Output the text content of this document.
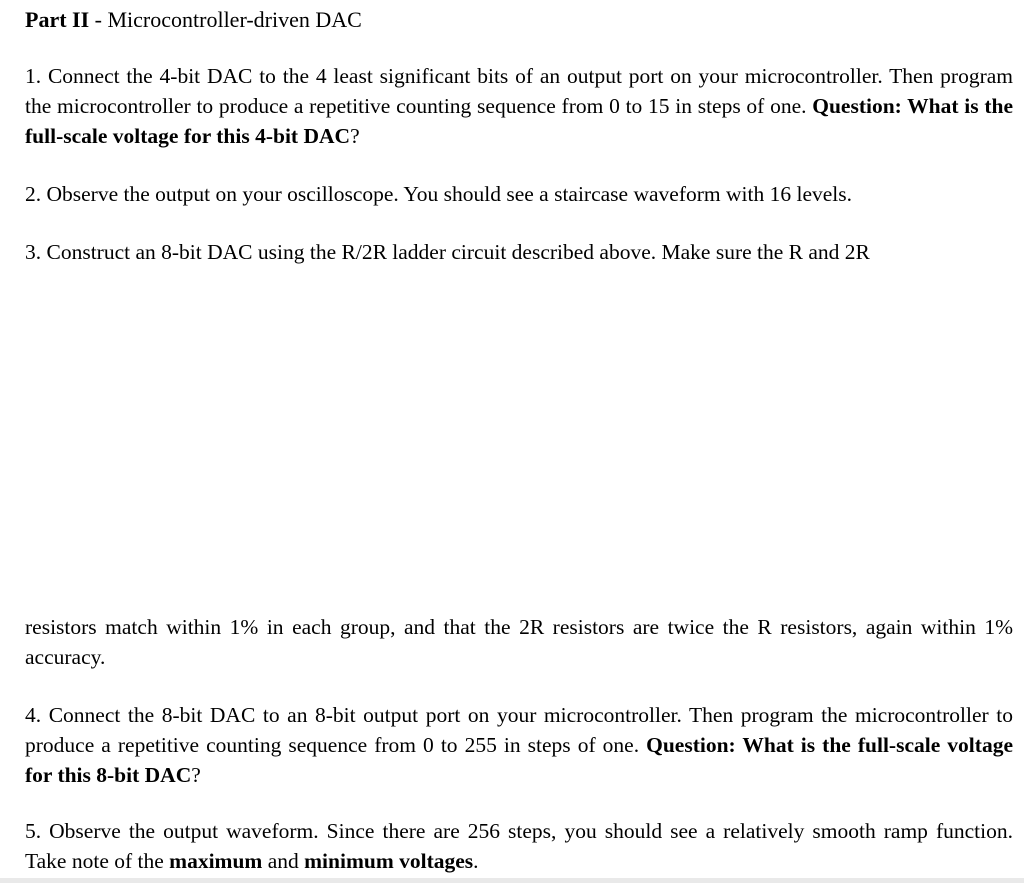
Part II - Microcontroller-driven DAC
1. Connect the 4-bit DAC to the 4 least significant bits of an output port on your microcontroller. Then program the microcontroller to produce a repetitive counting sequence from 0 to 15 in steps of one. Question: What is the full-scale voltage for this 4-bit DAC?
2. Observe the output on your oscilloscope. You should see a staircase waveform with 16 levels.
3. Construct an 8-bit DAC using the R/2R ladder circuit described above. Make sure the R and 2R
resistors match within 1% in each group, and that the 2R resistors are twice the R resistors, again within 1% accuracy.
4. Connect the 8-bit DAC to an 8-bit output port on your microcontroller. Then program the microcontroller to produce a repetitive counting sequence from 0 to 255 in steps of one. Question: What is the full-scale voltage for this 8-bit DAC?
5. Observe the output waveform. Since there are 256 steps, you should see a relatively smooth ramp function. Take note of the maximum and minimum voltages.
